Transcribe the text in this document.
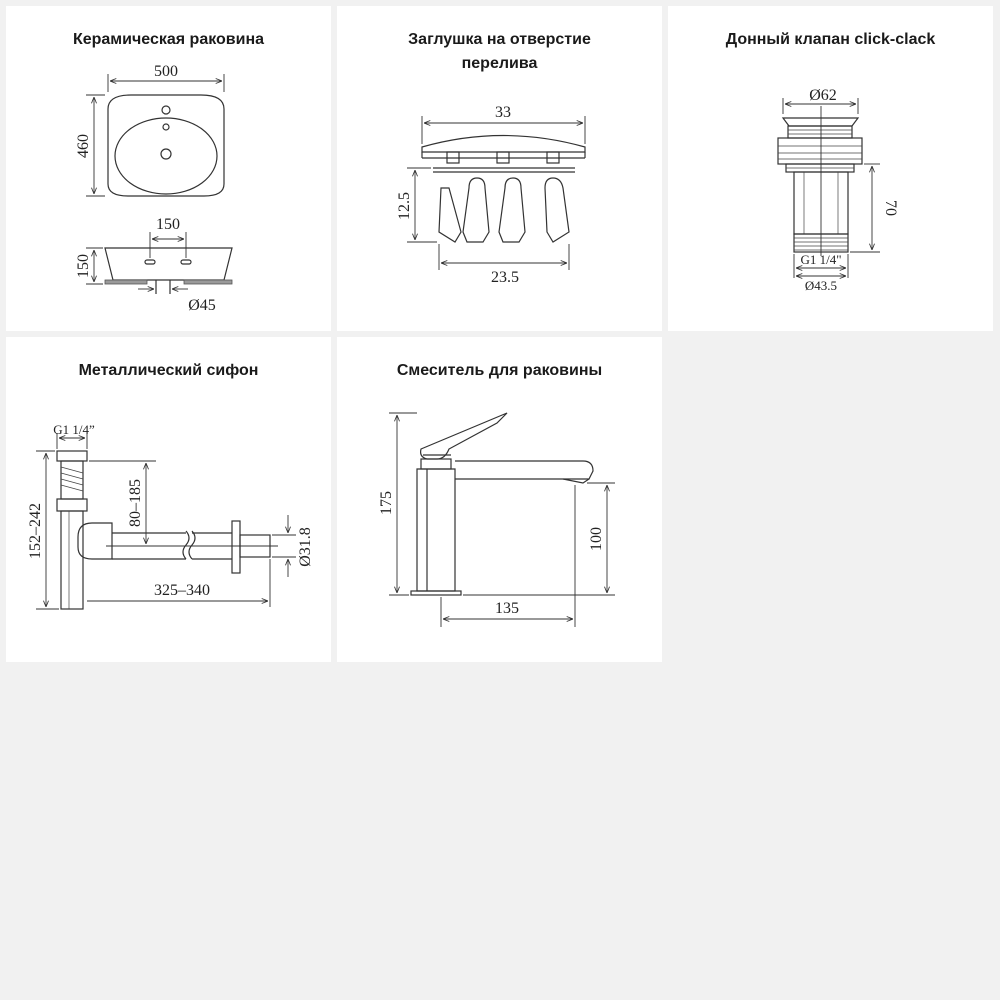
Керамическая раковина
500
460
150
150
Ø45
Заглушка на отверстие
перелива
33
12.5
23.5
Донный клапан click-clack
Ø62
70
G1 1/4"
Ø43.5
Металлический сифон
G1 1/4”
152–242	80–185
325–340
Ø31.8
Смеситель для раковины
175
100
135
